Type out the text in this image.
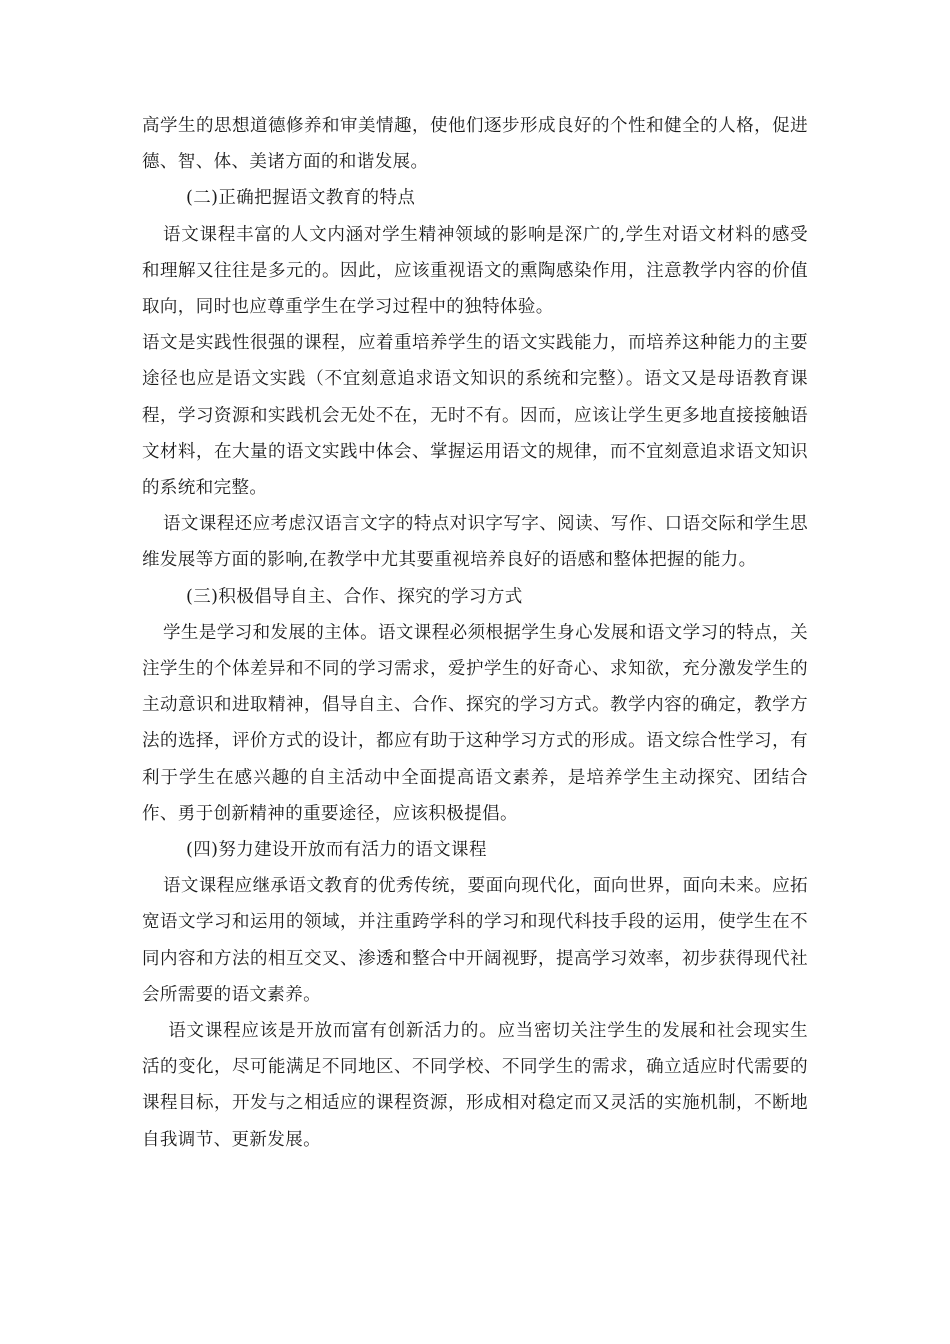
高学生的思想道德修养和审美情趣，使他们逐步形成良好的个性和健全的人格，促进德、智、体、美诸方面的和谐发展。

(二)正确把握语文教育的特点

语文课程丰富的人文内涵对学生精神领域的影响是深广的,学生对语文材料的感受和理解又往往是多元的。因此，应该重视语文的熏陶感染作用，注意教学内容的价值取向，同时也应尊重学生在学习过程中的独特体验。

语文是实践性很强的课程，应着重培养学生的语文实践能力，而培养这种能力的主要途径也应是语文实践（不宜刻意追求语文知识的系统和完整）。语文又是母语教育课程，学习资源和实践机会无处不在，无时不有。因而，应该让学生更多地直接接触语文材料，在大量的语文实践中体会、掌握运用语文的规律，而不宜刻意追求语文知识的系统和完整。

语文课程还应考虑汉语言文字的特点对识字写字、阅读、写作、口语交际和学生思维发展等方面的影响,在教学中尤其要重视培养良好的语感和整体把握的能力。

(三)积极倡导自主、合作、探究的学习方式

学生是学习和发展的主体。语文课程必须根据学生身心发展和语文学习的特点，关注学生的个体差异和不同的学习需求，爱护学生的好奇心、求知欲，充分激发学生的主动意识和进取精神，倡导自主、合作、探究的学习方式。教学内容的确定，教学方法的选择，评价方式的设计，都应有助于这种学习方式的形成。语文综合性学习，有利于学生在感兴趣的自主活动中全面提高语文素养，是培养学生主动探究、团结合作、勇于创新精神的重要途径，应该积极提倡。

(四)努力建设开放而有活力的语文课程

语文课程应继承语文教育的优秀传统，要面向现代化，面向世界，面向未来。应拓宽语文学习和运用的领域，并注重跨学科的学习和现代科技手段的运用，使学生在不同内容和方法的相互交叉、渗透和整合中开阔视野，提高学习效率，初步获得现代社会所需要的语文素养。

语文课程应该是开放而富有创新活力的。应当密切关注学生的发展和社会现实生活的变化，尽可能满足不同地区、不同学校、不同学生的需求，确立适应时代需要的课程目标，开发与之相适应的课程资源，形成相对稳定而又灵活的实施机制，不断地自我调节、更新发展。
